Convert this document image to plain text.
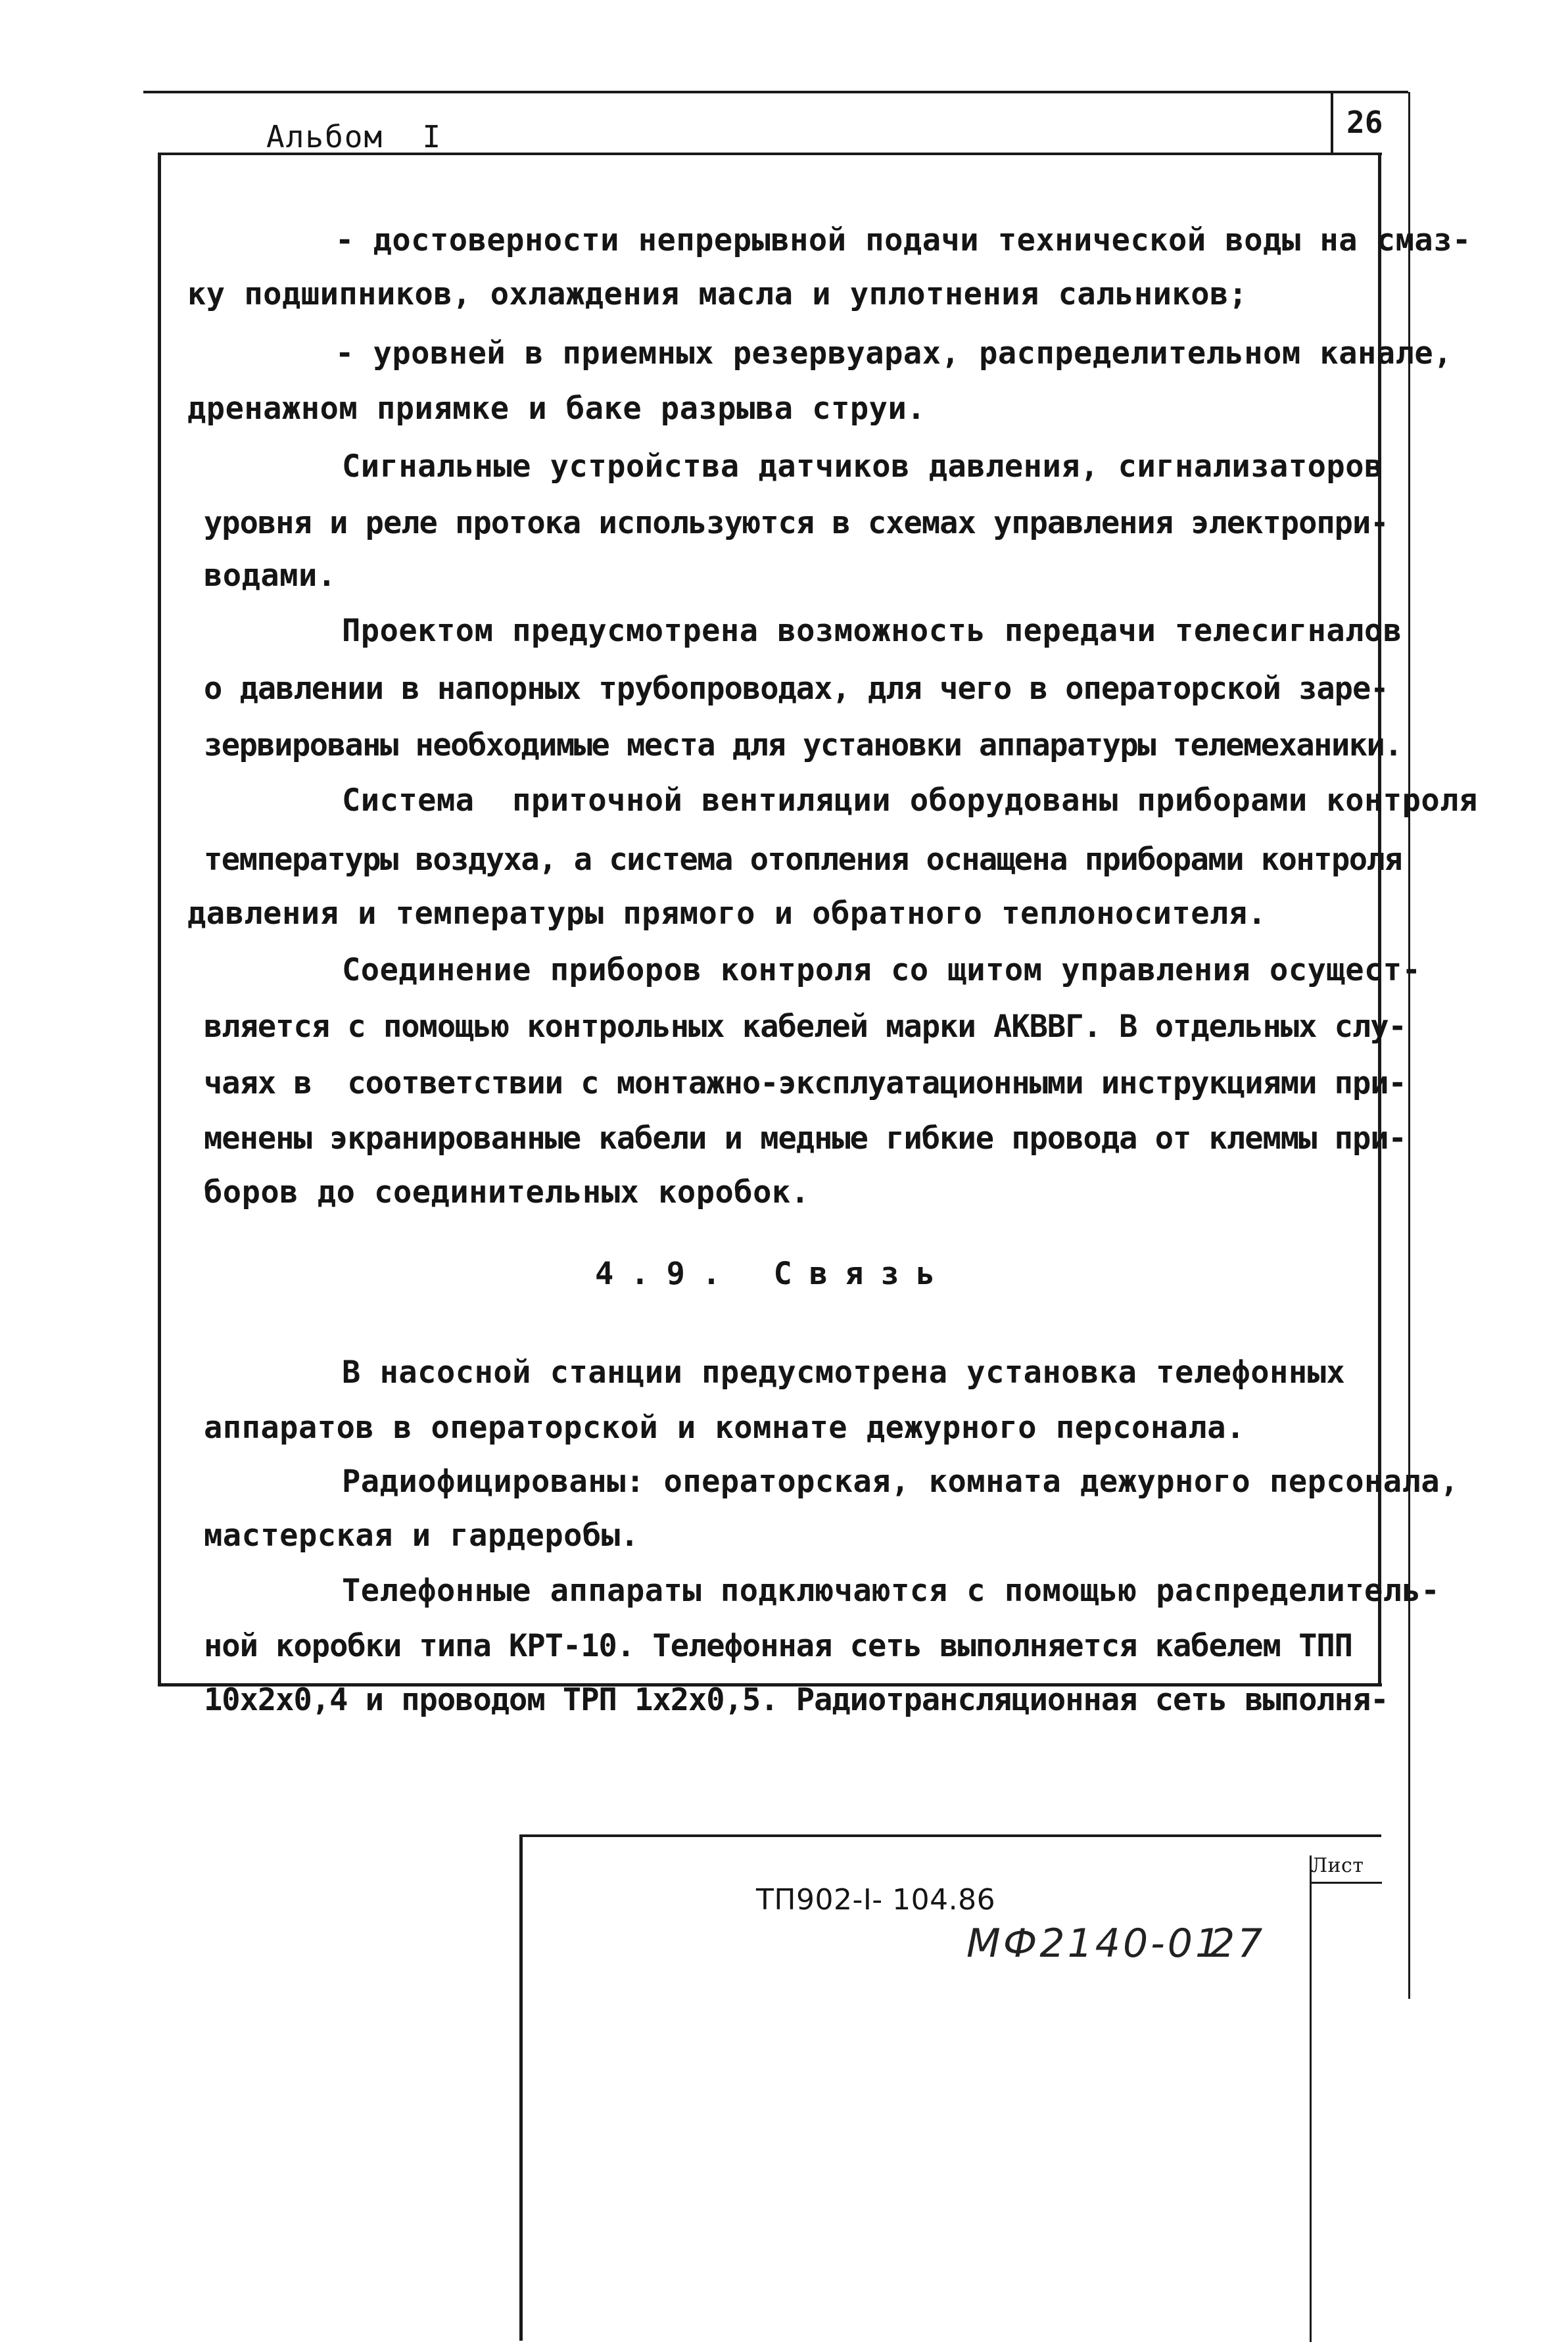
Альбом  I	26
- достоверности непрерывной подачи технической воды на смаз-
ку подшипников, охлаждения масла и уплотнения сальников;
- уровней в приемных резервуарах, распределительном канале,
дренажном приямке и баке разрыва струи.
Сигнальные устройства датчиков давления, сигнализаторов
уровня и реле протока используются в схемах управления электропри-
водами.
Проектом предусмотрена возможность передачи телесигналов
о давлении в напорных трубопроводах, для чего в операторской заре-
зервированы необходимые места для установки аппаратуры телемеханики.
Система  приточной вентиляции оборудованы приборами контроля
температуры воздуха, а система отопления оснащена приборами контроля
давления и температуры прямого и обратного теплоносителя.
Соединение приборов контроля со щитом управления осущест-
вляется с помощью контрольных кабелей марки АКВВГ. В отдельных слу-
чаях в  соответствии с монтажно-эксплуатационными инструкциями при-
менены экранированные кабели и медные гибкие провода от клеммы при-
боров до соединительных коробок.
4.9. Связь
В насосной станции предусмотрена установка телефонных
аппаратов в операторской и комнате дежурного персонала.
Радиофицированы: операторская, комната дежурного персонала,
мастерская и гардеробы.
Телефонные аппараты подключаются с помощью распределитель-
ной коробки типа КРТ-10. Телефонная сеть выполняется кабелем ТПП
10х2х0,4 и проводом ТРП 1х2х0,5. Радиотрансляционная сеть выполня-
Лист
ТП902-I- 104.86
МФ2140-01
27
